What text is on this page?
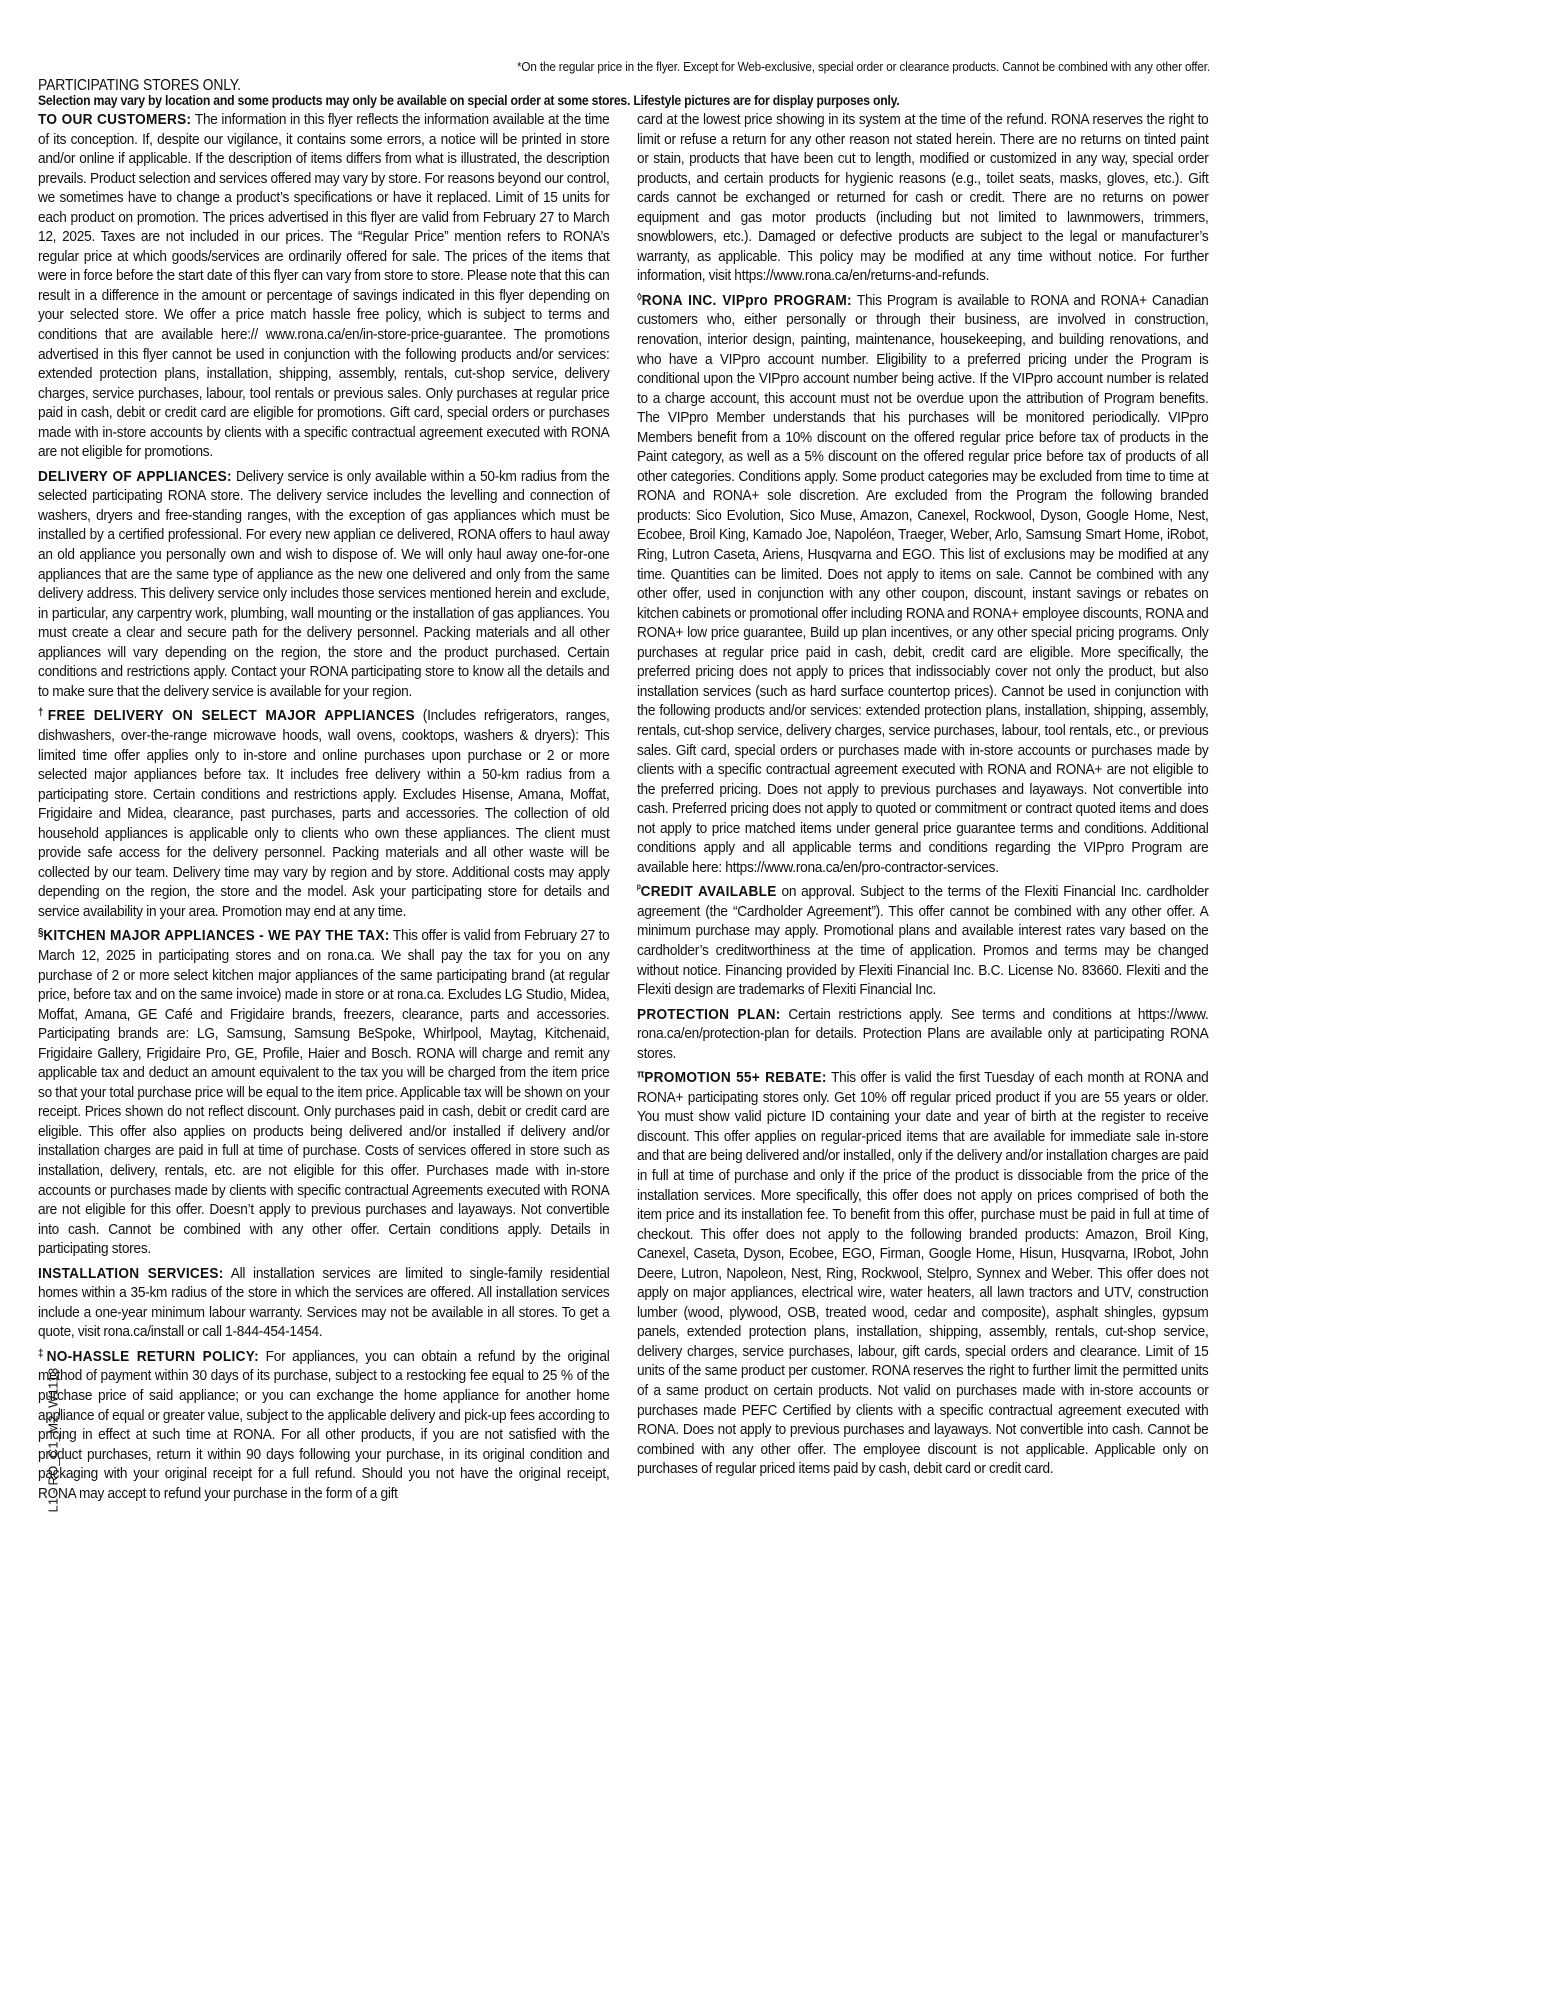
*On the regular price in the flyer. Except for Web-exclusive, special order or clearance products. Cannot be combined with any other offer.
PARTICIPATING STORES ONLY.
Selection may vary by location and some products may only be available on special order at some stores. Lifestyle pictures are for display purposes only.

TO OUR CUSTOMERS: The information in this flyer reflects the information available at the time of its conception. If, despite our vigilance, it contains some errors, a notice will be printed in store and/or online if applicable. If the description of items differs from what is illustrated, the description prevails. Product selection and services offered may vary by store. For reasons beyond our control, we sometimes have to change a product’s specifications or have it replaced. Limit of 15 units for each product on promotion. The prices advertised in this flyer are valid from February 27 to March 12, 2025. Taxes are not included in our prices. The “Regular Price” mention refers to RONA’s regular price at which goods/services are ordinarily offered for sale. The prices of the items that were in force before the start date of this flyer can vary from store to store. Please note that this can result in a difference in the amount or percentage of savings indicated in this flyer depending on your selected store. We offer a price match hassle free policy, which is subject to terms and conditions that are available here:// www.rona.ca/en/in-store-price-guarantee. The promotions advertised in this flyer cannot be used in conjunction with the following products and/or services: extended protection plans, installation, shipping, assembly, rentals, cut-shop service, delivery charges, service purchases, labour, tool rentals or previous sales. Only purchases at regular price paid in cash, debit or credit card are eligible for promotions. Gift card, special orders or purchases made with in-store accounts by clients with a specific contractual agreement executed with RONA are not eligible for promotions.

DELIVERY OF APPLIANCES: Delivery service is only available within a 50-km radius from the selected participating RONA store. The delivery service includes the levelling and connection of washers, dryers and free-standing ranges, with the exception of gas appliances which must be installed by a certified professional. For every new applian ce delivered, RONA offers to haul away an old appliance you personally own and wish to dispose of. We will only haul away one-for-one appliances that are the same type of appliance as the new one delivered and only from the same delivery address. This delivery service only includes those services mentioned herein and exclude, in particular, any carpentry work, plumbing, wall mounting or the installation of gas appliances. You must create a clear and secure path for the delivery personnel. Packing materials and all other appliances will vary depending on the region, the store and the product purchased. Certain conditions and restrictions apply. Contact your RONA participating store to know all the details and to make sure that the delivery service is available for your region.

†FREE DELIVERY ON SELECT MAJOR APPLIANCES (Includes refrigerators, ranges, dishwashers, over-the-range microwave hoods, wall ovens, cooktops, washers & dryers): This limited time offer applies only to in-store and online purchases upon purchase or 2 or more selected major appliances before tax. It includes free delivery within a 50-km radius from a participating store. Certain conditions and restrictions apply. Excludes Hisense, Amana, Moffat, Frigidaire and Midea, clearance, past purchases, parts and accessories. The collection of old household appliances is applicable only to clients who own these appliances. The client must provide safe access for the delivery personnel. Packing materials and all other waste will be collected by our team. Delivery time may vary by region and by store. Additional costs may apply depending on the region, the store and the model. Ask your participating store for details and service availability in your area. Promotion may end at any time.

§KITCHEN MAJOR APPLIANCES - WE PAY THE TAX: This offer is valid from February 27 to March 12, 2025 in participating stores and on rona.ca. We shall pay the tax for you on any purchase of 2 or more select kitchen major appliances of the same participating brand (at regular price, before tax and on the same invoice) made in store or at rona.ca. Excludes LG Studio, Midea, Moffat, Amana, GE Café and Frigidaire brands, freezers, clearance, parts and accessories. Participating brands are: LG, Samsung, Samsung BeSpoke, Whirlpool, Maytag, Kitchenaid, Frigidaire Gallery, Frigidaire Pro, GE, Profile, Haier and Bosch. RONA will charge and remit any applicable tax and deduct an amount equivalent to the tax you will be charged from the item price so that your total purchase price will be equal to the item price. Applicable tax will be shown on your receipt. Prices shown do not reflect discount. Only purchases paid in cash, debit or credit card are eligible. This offer also applies on products being delivered and/or installed if delivery and/or installation charges are paid in full at time of purchase. Costs of services offered in store such as installation, delivery, rentals, etc. are not eligible for this offer. Purchases made with in-store accounts or purchases made by clients with specific contractual Agreements executed with RONA are not eligible for this offer. Doesn’t apply to previous purchases and layaways. Not convertible into cash. Cannot be combined with any other offer. Certain conditions apply. Details in participating stores.

INSTALLATION SERVICES: All installation services are limited to single-family residential homes within a 35-km radius of the store in which the services are offered. All installation services include a one-year minimum labour warranty. Services may not be available in all stores. To get a quote, visit rona.ca/install or call 1-844-454-1454.

‡NO-HASSLE RETURN POLICY: For appliances, you can obtain a refund by the original method of payment within 30 days of its purchase, subject to a restocking fee equal to 25 % of the purchase price of said appliance; or you can exchange the home appliance for another home appliance of equal or greater value, subject to the applicable delivery and pick-up fees according to pricing in effect at such time at RONA. For all other products, if you are not satisfied with the product purchases, return it within 90 days following your purchase, in its original condition and packaging with your original receipt for a full refund. Should you not have the original receipt, RONA may accept to refund your purchase in the form of a gift

card at the lowest price showing in its system at the time of the refund. RONA reserves the right to limit or refuse a return for any other reason not stated herein. There are no returns on tinted paint or stain, products that have been cut to length, modified or customized in any way, special order products, and certain products for hygienic reasons (e.g., toilet seats, masks, gloves, etc.). Gift cards cannot be exchanged or returned for cash or credit. There are no returns on power equipment and gas motor products (including but not limited to lawnmowers, trimmers, snowblowers, etc.). Damaged or defective products are subject to the legal or manufacturer’s warranty, as applicable. This policy may be modified at any time without notice. For further information, visit https://www.rona.ca/en/returns-and-refunds.

◊RONA INC. VIPpro PROGRAM: This Program is available to RONA and RONA+ Canadian customers who, either personally or through their business, are involved in construction, renovation, interior design, painting, maintenance, housekeeping, and building renovations, and who have a VIPpro account number. Eligibility to a preferred pricing under the Program is conditional upon the VIPpro account number being active. If the VIPpro account number is related to a charge account, this account must not be overdue upon the attribution of Program benefits. The VIPpro Member understands that his purchases will be monitored periodically. VIPpro Members benefit from a 10% discount on the offered regular price before tax of products in the Paint category, as well as a 5% discount on the offered regular price before tax of products of all other categories. Conditions apply. Some product categories may be excluded from time to time at RONA and RONA+ sole discretion. Are excluded from the Program the following branded products: Sico Evolution, Sico Muse, Amazon, Canexel, Rockwool, Dyson, Google Home, Nest, Ecobee, Broil King, Kamado Joe, Napoléon, Traeger, Weber, Arlo, Samsung Smart Home, iRobot, Ring, Lutron Caseta, Ariens, Husqvarna and EGO. This list of exclusions may be modified at any time. Quantities can be limited. Does not apply to items on sale. Cannot be combined with any other offer, used in conjunction with any other coupon, discount, instant savings or rebates on kitchen cabinets or promotional offer including RONA and RONA+ employee discounts, RONA and RONA+ low price guarantee, Build up plan incentives, or any other special pricing programs. Only purchases at regular price paid in cash, debit, credit card are eligible. More specifically, the preferred pricing does not apply to prices that indissociably cover not only the product, but also installation services (such as hard surface countertop prices). Cannot be used in conjunction with the following products and/or services: extended protection plans, installation, shipping, assembly, rentals, cut-shop service, delivery charges, service purchases, labour, tool rentals, etc., or previous sales. Gift card, special orders or purchases made with in-store accounts or purchases made by clients with a specific contractual agreement executed with RONA and RONA+ are not eligible to the preferred pricing. Does not apply to previous purchases and layaways. Not convertible into cash. Preferred pricing does not apply to quoted or commitment or contract quoted items and does not apply to price matched items under general price guarantee terms and conditions. Additional conditions apply and all applicable terms and conditions regarding the VIPpro Program are available here: https://www.rona.ca/en/pro-contractor-services.

$^ᵖ$CREDIT AVAILABLE on approval. Subject to the terms of the Flexiti Financial Inc. cardholder agreement (the “Cardholder Agreement”). This offer cannot be combined with any other offer. A minimum purchase may apply. Promotional plans and available interest rates vary based on the cardholder’s creditworthiness at the time of application. Promos and terms may be changed without notice. Financing provided by Flexiti Financial Inc. B.C. License No. 83660. Flexiti and the Flexiti design are trademarks of Flexiti Financial Inc.

PROTECTION PLAN: Certain restrictions apply. See terms and conditions at https://www. rona.ca/en/protection-plan for details. Protection Plans are available only at participating RONA stores.

$^\pi$PROMOTION 55+ REBATE: This offer is valid the first Tuesday of each month at RONA and RONA+ participating stores only. Get 10% off regular priced product if you are 55 years or older. You must show valid picture ID containing your date and year of birth at the register to receive discount. This offer applies on regular-priced items that are available for immediate sale in-store and that are being delivered and/or installed, only if the delivery and/or installation charges are paid in full at time of purchase and only if the price of the product is dissociable from the price of the installation services. More specifically, this offer does not apply on prices comprised of both the item price and its installation fee. To benefit from this offer, purchase must be paid in full at time of checkout. This offer does not apply to the following branded products: Amazon, Broil King, Canexel, Caseta, Dyson, Ecobee, EGO, Firman, Google Home, Hisun, Husqvarna, IRobot, John Deere, Lutron, Napoleon, Nest, Ring, Rockwool, Stelpro, Synnex and Weber. This offer does not apply on major appliances, electrical wire, water heaters, all lawn tractors and UTV, construction lumber (wood, plywood, OSB, treated wood, cedar and composite), asphalt shingles, gypsum panels, extended protection plans, installation, shipping, assembly, rentals, cut-shop service, delivery charges, service purchases, labour, gift cards, special orders and clearance. Limit of 15 units of the same product per customer. RONA reserves the right to further limit the permitted units of a same product on certain products. Not valid on purchases made with in-store accounts or purchases made PEFC Certified by clients with a specific contractual agreement executed with RONA. Does not apply to previous purchases and layaways. Not convertible into cash. Cannot be combined with any other offer. The employee discount is not applicable. Applicable only on purchases of regular priced items paid by cash, debit card or credit card.

L1 - RO_C1_M2_W1113
